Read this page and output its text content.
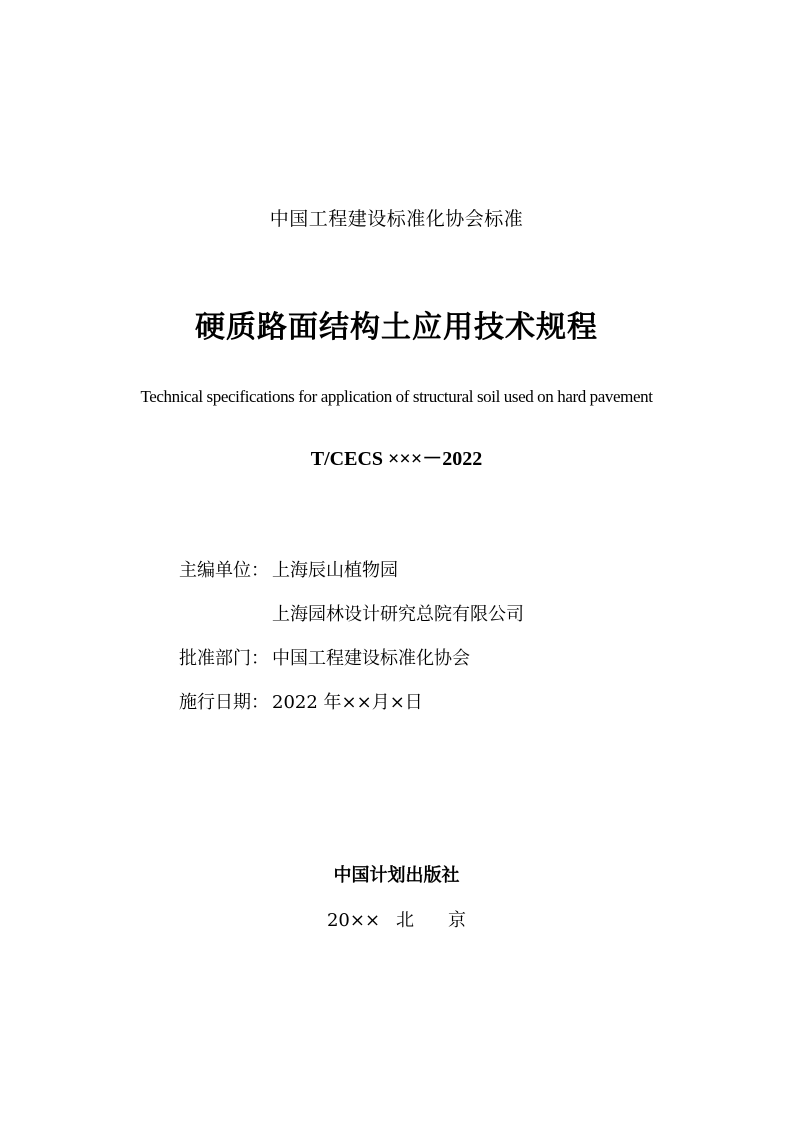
中国工程建设标准化协会标准
硬质路面结构土应用技术规程
Technical specifications for application of structural soil used on hard pavement
T/CECS ×××－2022
主编单位： 上海辰山植物园
上海园林设计研究总院有限公司
批准部门： 中国工程建设标准化协会
施行日期： 2022 年××月×日
中国计划出版社
20×× 北 京
